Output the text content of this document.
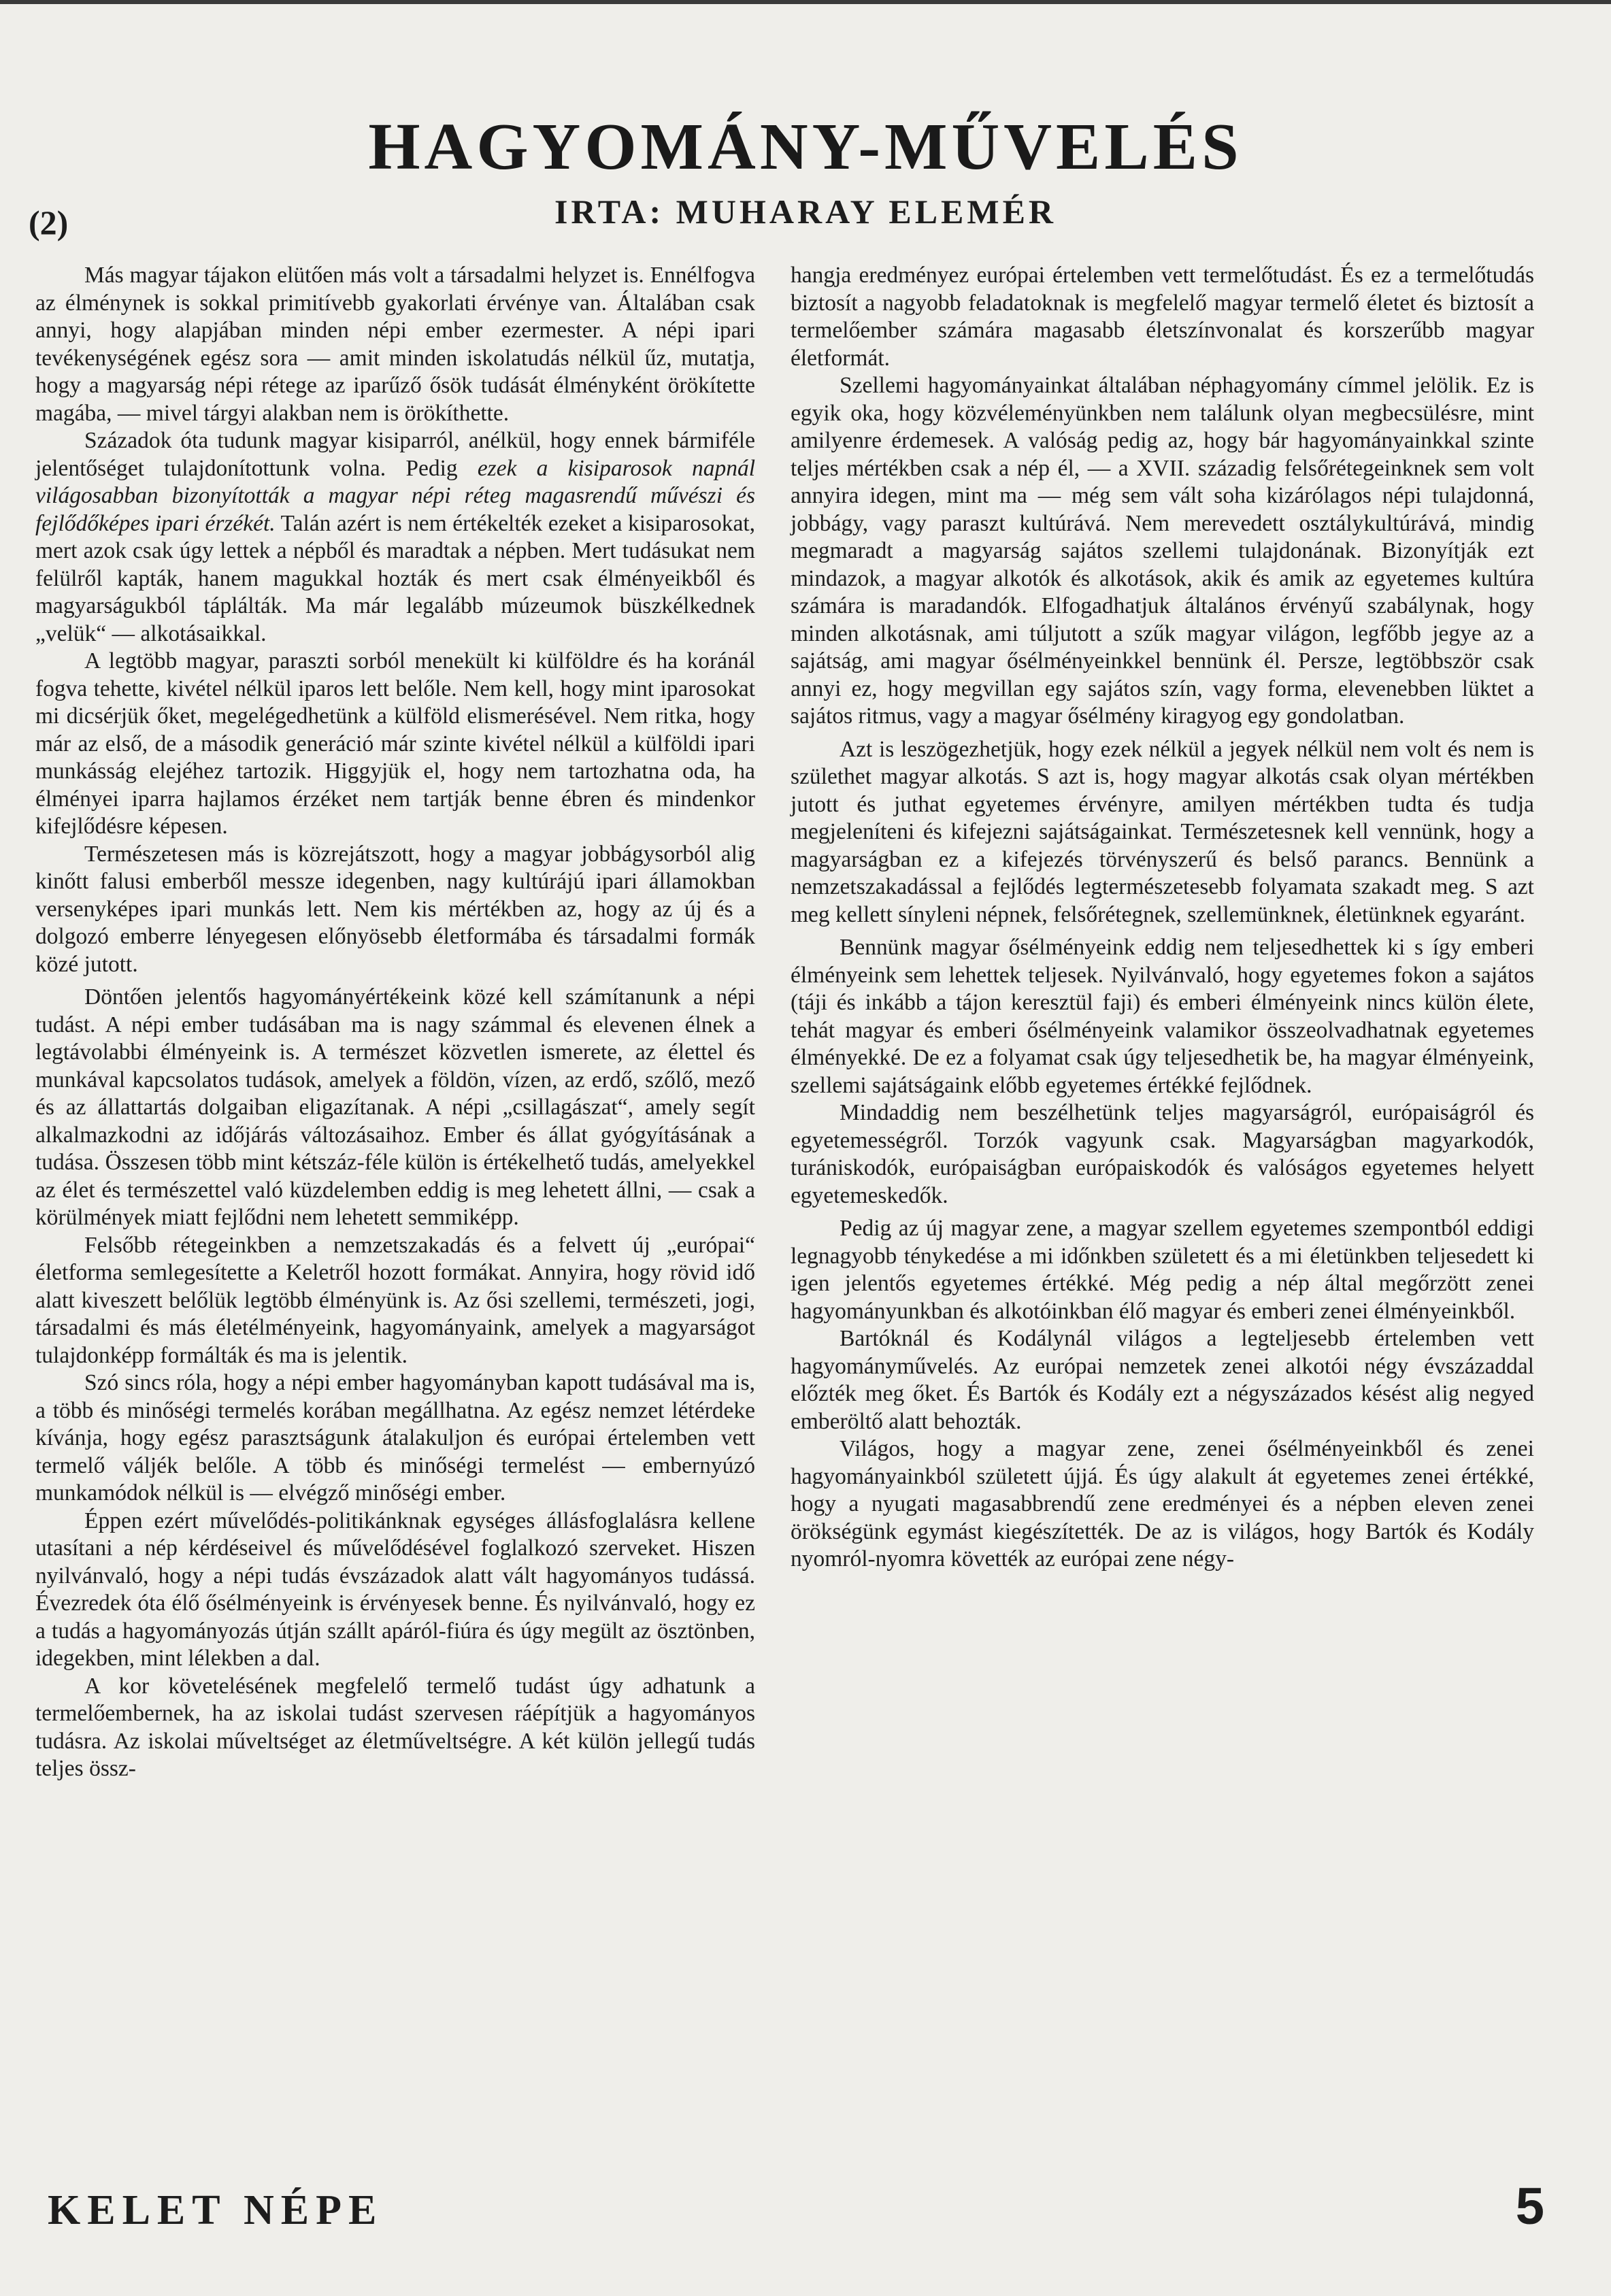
HAGYOMÁNY-MŰVELÉS
(2)	IRTA: MUHARAY ELEMÉR

Más magyar tájakon elütően más volt a társadalmi helyzet is. Ennélfogva az élménynek is sokkal primitívebb gyakorlati érvénye van. Általában csak annyi, hogy alapjában minden népi ember ezermester. A népi ipari tevékenységének egész sora — amit minden iskolatudás nélkül űz, mutatja, hogy a magyarság népi rétege az iparűző ősök tudását élményként örökítette magába, — mivel tárgyi alakban nem is örökíthette.

Századok óta tudunk magyar kisiparról, anélkül, hogy ennek bármiféle jelentőséget tulajdonítottunk volna. Pedig ezek a kisiparosok napnál világosabban bizonyították a magyar népi réteg magasrendű művészi és fejlődőképes ipari érzékét. Talán azért is nem értékelték ezeket a kisiparosokat, mert azok csak úgy lettek a népből és maradtak a népben. Mert tudásukat nem felülről kapták, hanem magukkal hozták és mert csak élményeikből és magyarságukból táplálták. Ma már legalább múzeumok büszkélkednek „velük“ — alkotásaikkal.

A legtöbb magyar, paraszti sorból menekült ki külföldre és ha koránál fogva tehette, kivétel nélkül iparos lett belőle. Nem kell, hogy mint iparosokat mi dicsérjük őket, megelégedhetünk a külföld elismerésével. Nem ritka, hogy már az első, de a második generáció már szinte kivétel nélkül a külföldi ipari munkásság elejéhez tartozik. Higgyjük el, hogy nem tartozhatna oda, ha élményei iparra hajlamos érzéket nem tartják benne ébren és mindenkor kifejlődésre képesen.

Természetesen más is közrejátszott, hogy a magyar jobbágysorból alig kinőtt falusi emberből messze idegenben, nagy kultúrájú ipari államokban versenyképes ipari munkás lett. Nem kis mértékben az, hogy az új és a dolgozó emberre lényegesen előnyösebb életformába és társadalmi formák közé jutott.

Döntően jelentős hagyományértékeink közé kell számítanunk a népi tudást. A népi ember tudásában ma is nagy számmal és elevenen élnek a legtávolabbi élményeink is. A természet közvetlen ismerete, az élettel és munkával kapcsolatos tudások, amelyek a földön, vízen, az erdő, szőlő, mező és az állattartás dolgaiban eligazítanak. A népi „csillagászat“, amely segít alkalmazkodni az időjárás változásaihoz. Ember és állat gyógyításának a tudása. Összesen több mint kétszáz-féle külön is értékelhető tudás, amelyekkel az élet és természettel való küzdelemben eddig is meg lehetett állni, — csak a körülmények miatt fejlődni nem lehetett semmiképp.

Felsőbb rétegeinkben a nemzetszakadás és a felvett új „európai“ életforma semlegesítette a Keletről hozott formákat. Annyira, hogy rövid idő alatt kiveszett belőlük legtöbb élményünk is. Az ősi szellemi, természeti, jogi, társadalmi és más életélményeink, hagyományaink, amelyek a magyarságot tulajdonképp formálták és ma is jelentik.

Szó sincs róla, hogy a népi ember hagyományban kapott tudásával ma is, a több és minőségi termelés korában megállhatna. Az egész nemzet létérdeke kívánja, hogy egész parasztságunk átalakuljon és európai értelemben vett termelő váljék belőle. A több és minőségi termelést — embernyúzó munkamódok nélkül is — elvégző minőségi ember.

Éppen ezért művelődés-politikánknak egységes állásfoglalásra kellene utasítani a nép kérdéseivel és művelődésével foglalkozó szerveket. Hiszen nyilvánvaló, hogy a népi tudás évszázadok alatt vált hagyományos tudássá. Évezredek óta élő ősélményeink is érvényesek benne. És nyilvánvaló, hogy ez a tudás a hagyományozás útján szállt apáról-fiúra és úgy megült az ösztönben, idegekben, mint lélekben a dal.

A kor követelésének megfelelő termelő tudást úgy adhatunk a termelőembernek, ha az iskolai tudást szervesen ráépítjük a hagyományos tudásra. Az iskolai műveltséget az életműveltségre. A két külön jellegű tudás teljes össz-

hangja eredményez európai értelemben vett termelőtudást. És ez a termelőtudás biztosít a nagyobb feladatoknak is megfelelő magyar termelő életet és biztosít a termelőember számára magasabb életszínvonalat és korszerűbb magyar életformát.

Szellemi hagyományainkat általában néphagyomány címmel jelölik. Ez is egyik oka, hogy közvéleményünkben nem találunk olyan megbecsülésre, mint amilyenre érdemesek. A valóság pedig az, hogy bár hagyományainkkal szinte teljes mértékben csak a nép él, — a XVII. századig felsőrétegeinknek sem volt annyira idegen, mint ma — még sem vált soha kizárólagos népi tulajdonná, jobbágy, vagy paraszt kultúrává. Nem merevedett osztálykultúrává, mindig megmaradt a magyarság sajátos szellemi tulajdonának. Bizonyítják ezt mindazok, a magyar alkotók és alkotások, akik és amik az egyetemes kultúra számára is maradandók. Elfogadhatjuk általános érvényű szabálynak, hogy minden alkotásnak, ami túljutott a szűk magyar világon, legfőbb jegye az a sajátság, ami magyar ősélményeinkkel bennünk él. Persze, legtöbbször csak annyi ez, hogy megvillan egy sajátos szín, vagy forma, elevenebben lüktet a sajátos ritmus, vagy a magyar ősélmény kiragyog egy gondolatban.

Azt is leszögezhetjük, hogy ezek nélkül a jegyek nélkül nem volt és nem is születhet magyar alkotás. S azt is, hogy magyar alkotás csak olyan mértékben jutott és juthat egyetemes érvényre, amilyen mértékben tudta és tudja megjeleníteni és kifejezni sajátságainkat. Természetesnek kell vennünk, hogy a magyarságban ez a kifejezés törvényszerű és belső parancs. Bennünk a nemzetszakadással a fejlődés legtermészetesebb folyamata szakadt meg. S azt meg kellett sínyleni népnek, felsőrétegnek, szellemünknek, életünknek egyaránt.

Bennünk magyar ősélményeink eddig nem teljesedhettek ki s így emberi élményeink sem lehettek teljesek. Nyilvánvaló, hogy egyetemes fokon a sajátos (táji és inkább a tájon keresztül faji) és emberi élményeink nincs külön élete, tehát magyar és emberi ősélményeink valamikor összeolvadhatnak egyetemes élményekké. De ez a folyamat csak úgy teljesedhetik be, ha magyar élményeink, szellemi sajátságaink előbb egyetemes értékké fejlődnek.

Mindaddig nem beszélhetünk teljes magyarságról, európaiságról és egyetemességről. Torzók vagyunk csak. Magyarságban magyarkodók, turániskodók, európaiságban európaiskodók és valóságos egyetemes helyett egyetemeskedők.

Pedig az új magyar zene, a magyar szellem egyetemes szempontból eddigi legnagyobb ténykedése a mi időnkben született és a mi életünkben teljesedett ki igen jelentős egyetemes értékké. Még pedig a nép által megőrzött zenei hagyományunkban és alkotóinkban élő magyar és emberi zenei élményeinkből.

Bartóknál és Kodálynál világos a legteljesebb értelemben vett hagyományművelés. Az európai nemzetek zenei alkotói négy évszázaddal előzték meg őket. És Bartók és Kodály ezt a négyszázados késést alig negyed emberöltő alatt behozták.

Világos, hogy a magyar zene, zenei ősélményeinkből és zenei hagyományainkból született újjá. És úgy alakult át egyetemes zenei értékké, hogy a nyugati magasabbrendű zene eredményei és a népben eleven zenei örökségünk egymást kiegészítették. De az is világos, hogy Bartók és Kodály nyomról-nyomra követték az európai zene négy-

KELET NÉPE	5
